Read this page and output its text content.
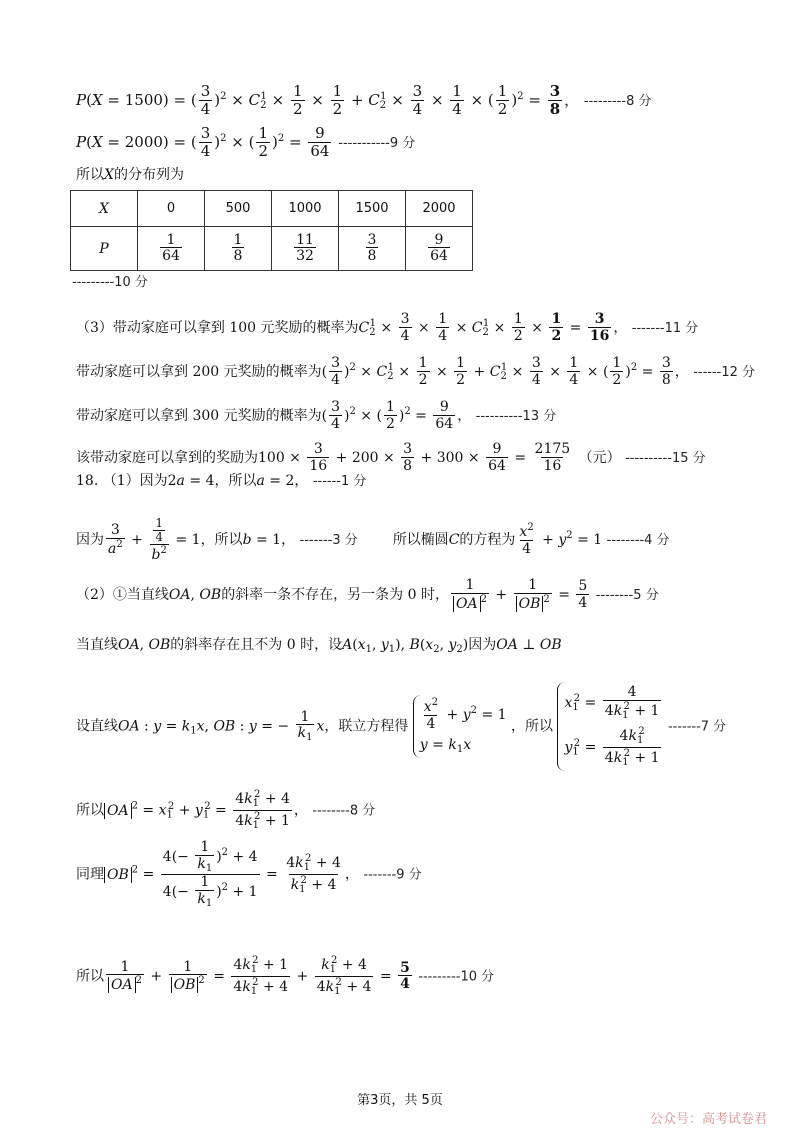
P(X = 1500) = ( $\frac{3}{4} )^2 \times C_2^1 \times \frac{1}{2} \times \frac{1}{2} + C_2^1 \times \frac{3}{4} \times \frac{1}{4}$ × ( $\frac{1}{2} )^2 = \frac{3}{8}$ ， ---------8 分
P(X = 2000) = ( $\frac{3}{4} )^2$ × ( $\frac{1}{2} )^2 = \frac{9}{64} -----------9$ 分
所以X的分布列为
X	0	500	1000	1500	2000
P	$\frac{1}{64}$	$\frac{1}{8}$	$\frac{11}{32}$	$\frac{3}{8}$	$\frac{9}{64}$
---------10 分
（3）带动家庭可以拿到 100 元奖励的概率为$C_2^1 \times \frac{3}{4} \times \frac{1}{4} \times C_2^1 \times \frac{1}{2} \times \frac{1}{2} = \frac{3}{16}$ ， -------11 分
带动家庭可以拿到 200 元奖励的概率为( $\frac{3}{4} )^2 \times C_2^1 \times \frac{1}{2} \times \frac{1}{2} + C_2^1 \times \frac{3}{4} \times \frac{1}{4}$ × ( $\frac{1}{2} )^2 = \frac{3}{8}$ ， ------12 分
带动家庭可以拿到 300 元奖励的概率为( $\frac{3}{4} )^2$ × ( $\frac{1}{2} )^2 = \frac{9}{64}$ ， ----------13 分
该带动家庭可以拿到的奖励为$100 \times \frac{3}{16} + 200 \times \frac{3}{8} + 300 \times \frac{9}{64} = \frac{2175}{16}$ （元） ----------15 分
18. （1）因为2a = 4，所以a = 2， ------1 分
因为 $\frac{3}{a^2} + \frac{\frac{1}{4}}{b^2} = 1$，所以b = 1， -------3 分 所以椭圆C的方程为 $\frac{x^2}{4} + y^2 = 1$ --------4 分
（2）①当直线OA, OB的斜率一条不存在，另一条为 0 时， $\frac{1}{OA ^2} + \frac{1}{OB ^2} = \frac{5}{4} --------5$ 分
当直线OA, OB的斜率存在且不为 0 时，设$A(x_1$, $y_1$), $B(x_2$, $y_2$)因为OA ⊥ OB
设直线OA : $y = k_1x$, OB : y = − $\frac{1}{k_1}$ x，联立方程得 $\frac{x^2}{4} + y^2 = 1$
$y = k_1x$
，所以
$x_1^2 = \frac{4}{4k_1^2 + 1}$
$y_1^2 = \frac{4k_1^2}{4k_1^2 + 1}$
-------7 分
所以 OA $^2 = x_1^2 + y_1^2 = \frac{4k_1^2 + 4}{4k_1^2 + 1}$ ， --------8 分
同理 OB $^2 = \frac{4(- \frac{1}{k_1} )^2 + 4}{4(- \frac{1}{k_1} )^2 + 1} = \frac{4k_1^2 + 4}{k_1^2 + 4}$ ， -------9 分
所以 $\frac{1}{OA ^2} + \frac{1}{OB ^2} = \frac{4k_1^2 + 1}{4k_1^2 + 4} + \frac{k_1^2 + 4}{4k_1^2 + 4} = \frac{5}{4} ---------10$ 分
第3页，共 5页
公众号：高考试卷君
